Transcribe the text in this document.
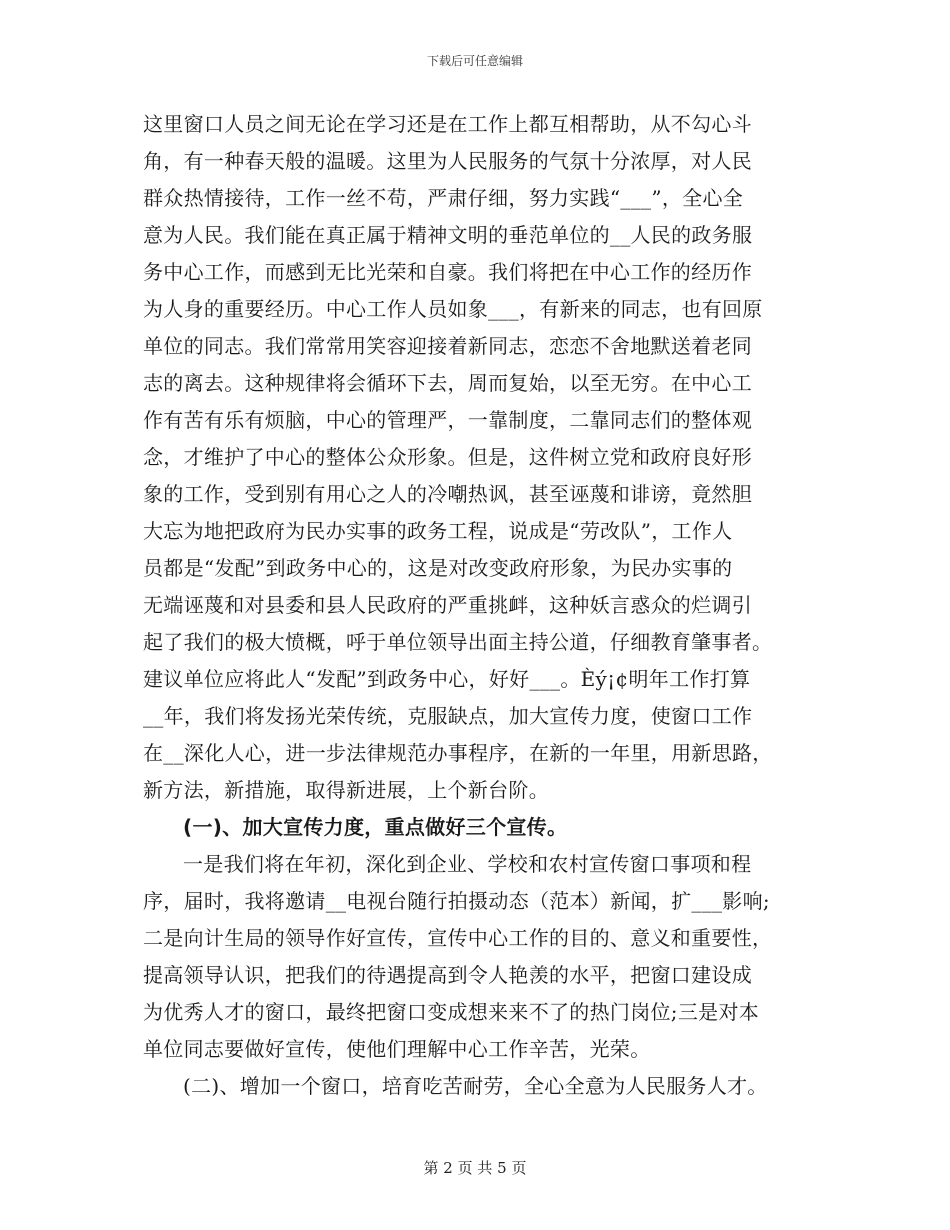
下载后可任意编辑

这里窗口人员之间无论在学习还是在工作上都互相帮助，从不勾心斗
角，有一种春天般的温暖。这里为人民服务的气氛十分浓厚，对人民
群众热情接待，工作一丝不苟，严肃仔细，努力实践“___”，全心全
意为人民。我们能在真正属于精神文明的垂范单位的__人民的政务服
务中心工作，而感到无比光荣和自豪。我们将把在中心工作的经历作
为人身的重要经历。中心工作人员如象___，有新来的同志，也有回原
单位的同志。我们常常用笑容迎接着新同志，恋恋不舍地默送着老同
志的离去。这种规律将会循环下去，周而复始，以至无穷。在中心工
作有苦有乐有烦脑，中心的管理严，一靠制度，二靠同志们的整体观
念，才维护了中心的整体公众形象。但是，这件树立党和政府良好形
象的工作，受到别有用心之人的冷嘲热讽，甚至诬蔑和诽谤，竟然胆
大忘为地把政府为民办实事的政务工程，说成是“劳改队”，工作人
员都是“发配”到政务中心的，这是对改变政府形象，为民办实事的
无端诬蔑和对县委和县人民政府的严重挑衅，这种妖言惑众的烂调引
起了我们的极大愤概，呼于单位领导出面主持公道，仔细教育肇事者。
建议单位应将此人“发配”到政务中心，好好___。Èý¡¢明年工作打算
__年，我们将发扬光荣传统，克服缺点，加大宣传力度，使窗口工作
在__深化人心，进一步法律规范办事程序，在新的一年里，用新思路，
新方法，新措施，取得新进展，上个新台阶。

(一)、加大宣传力度，重点做好三个宣传。

一是我们将在年初，深化到企业、学校和农村宣传窗口事项和程
序，届时，我将邀请__电视台随行拍摄动态（范本）新闻，扩___影响;
二是向计生局的领导作好宣传，宣传中心工作的目的、意义和重要性，
提高领导认识，把我们的待遇提高到令人艳羡的水平，把窗口建设成
为优秀人才的窗口，最终把窗口变成想来来不了的热门岗位;三是对本
单位同志要做好宣传，使他们理解中心工作辛苦，光荣。

(二)、增加一个窗口，培育吃苦耐劳，全心全意为人民服务人才。

第 2 页 共 5 页
